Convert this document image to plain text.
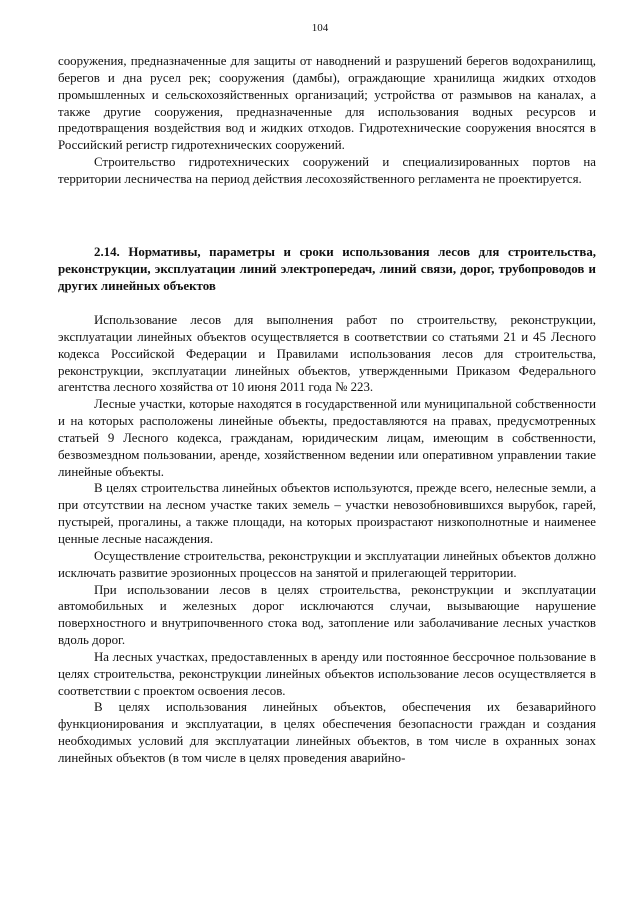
104

сооружения, предназначенные для защиты от наводнений и разрушений берегов водохранилищ, берегов и дна русел рек; сооружения (дамбы), ограждающие хранилища жидких отходов промышленных и сельскохозяйственных организаций; устройства от размывов на каналах, а также другие сооружения, предназначенные для использования водных ресурсов и предотвращения воздействия вод и жидких отходов. Гидротехнические сооружения вносятся в Российский регистр гидротехнических сооружений.

Строительство гидротехнических сооружений и специализированных портов на территории лесничества на период действия лесохозяйственного регламента не проектируется.

2.14. Нормативы, параметры и сроки использования лесов для строительства, реконструкции, эксплуатации линий электропередач, линий связи, дорог, трубопроводов и других линейных объектов

Использование лесов для выполнения работ по строительству, реконструкции, эксплуатации линейных объектов осуществляется в соответствии со статьями 21 и 45 Лесного кодекса Российской Федерации и Правилами использования лесов для строительства, реконструкции, эксплуатации линейных объектов, утвержденными Приказом Федерального агентства лесного хозяйства от 10 июня 2011 года № 223.

Лесные участки, которые находятся в государственной или муниципальной собственности и на которых расположены линейные объекты, предоставляются на правах, предусмотренных статьей 9 Лесного кодекса, гражданам, юридическим лицам, имеющим в собственности, безвозмездном пользовании, аренде, хозяйственном ведении или оперативном управлении такие линейные объекты.

В целях строительства линейных объектов используются, прежде всего, нелесные земли, а при отсутствии на лесном участке таких земель – участки невозобновившихся вырубок, гарей, пустырей, прогалины, а также площади, на которых произрастают низкополнотные и наименее ценные лесные насаждения.

Осуществление строительства, реконструкции и эксплуатации линейных объектов должно исключать развитие эрозионных процессов на занятой и прилегающей территории.

При использовании лесов в целях строительства, реконструкции и эксплуатации автомобильных и железных дорог исключаются случаи, вызывающие нарушение поверхностного и внутрипочвенного стока вод, затопление или заболачивание лесных участков вдоль дорог.

На лесных участках, предоставленных в аренду или постоянное бессрочное пользование в целях строительства, реконструкции линейных объектов использование лесов осуществляется в соответствии с проектом освоения лесов.

В целях использования линейных объектов, обеспечения их безаварийного функционирования и эксплуатации, в целях обеспечения безопасности граждан и создания необходимых условий для эксплуатации линейных объектов, в том числе в охранных зонах линейных объектов (в том числе в целях проведения аварийно-
